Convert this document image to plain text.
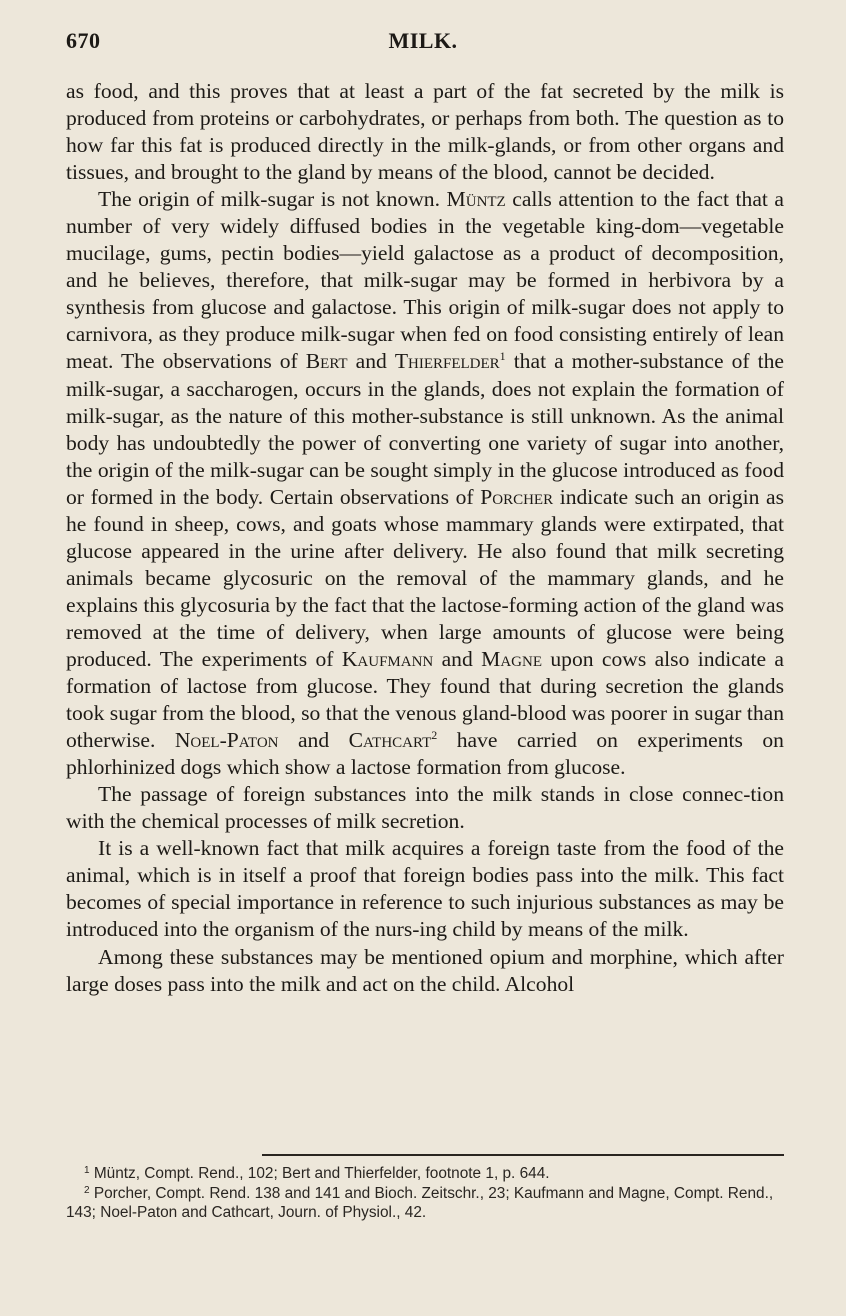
670	MILK.

as food, and this proves that at least a part of the fat secreted by the milk is produced from proteins or carbohydrates, or perhaps from both. The question as to how far this fat is produced directly in the milk-glands, or from other organs and tissues, and brought to the gland by means of the blood, cannot be decided.

The origin of milk-sugar is not known. Müntz calls attention to the fact that a number of very widely diffused bodies in the vegetable king-dom—vegetable mucilage, gums, pectin bodies—yield galactose as a product of decomposition, and he believes, therefore, that milk-sugar may be formed in herbivora by a synthesis from glucose and galactose. This origin of milk-sugar does not apply to carnivora, as they produce milk-sugar when fed on food consisting entirely of lean meat. The observations of Bert and Thierfelder$^1$ that a mother-substance of the milk-sugar, a saccharogen, occurs in the glands, does not explain the formation of milk-sugar, as the nature of this mother-substance is still unknown. As the animal body has undoubtedly the power of converting one variety of sugar into another, the origin of the milk-sugar can be sought simply in the glucose introduced as food or formed in the body. Certain observations of Porcher indicate such an origin as he found in sheep, cows, and goats whose mammary glands were extirpated, that glucose appeared in the urine after delivery. He also found that milk secreting animals became glycosuric on the removal of the mammary glands, and he explains this glycosuria by the fact that the lactose-forming action of the gland was removed at the time of delivery, when large amounts of glucose were being produced. The experiments of Kaufmann and Magne upon cows also indicate a formation of lactose from glucose. They found that during secretion the glands took sugar from the blood, so that the venous gland-blood was poorer in sugar than otherwise. Noel-Paton and Cathcart$^2$ have carried on experiments on phlorhinized dogs which show a lactose formation from glucose.

The passage of foreign substances into the milk stands in close connec-tion with the chemical processes of milk secretion.

It is a well-known fact that milk acquires a foreign taste from the food of the animal, which is in itself a proof that foreign bodies pass into the milk. This fact becomes of special importance in reference to such injurious substances as may be introduced into the organism of the nurs-ing child by means of the milk.

Among these substances may be mentioned opium and morphine, which after large doses pass into the milk and act on the child. Alcohol

$^1$ Müntz, Compt. Rend., 102; Bert and Thierfelder, footnote 1, p. 644.

$^2$ Porcher, Compt. Rend. 138 and 141 and Bioch. Zeitschr., 23; Kaufmann and Magne, Compt. Rend., 143; Noel-Paton and Cathcart, Journ. of Physiol., 42.
